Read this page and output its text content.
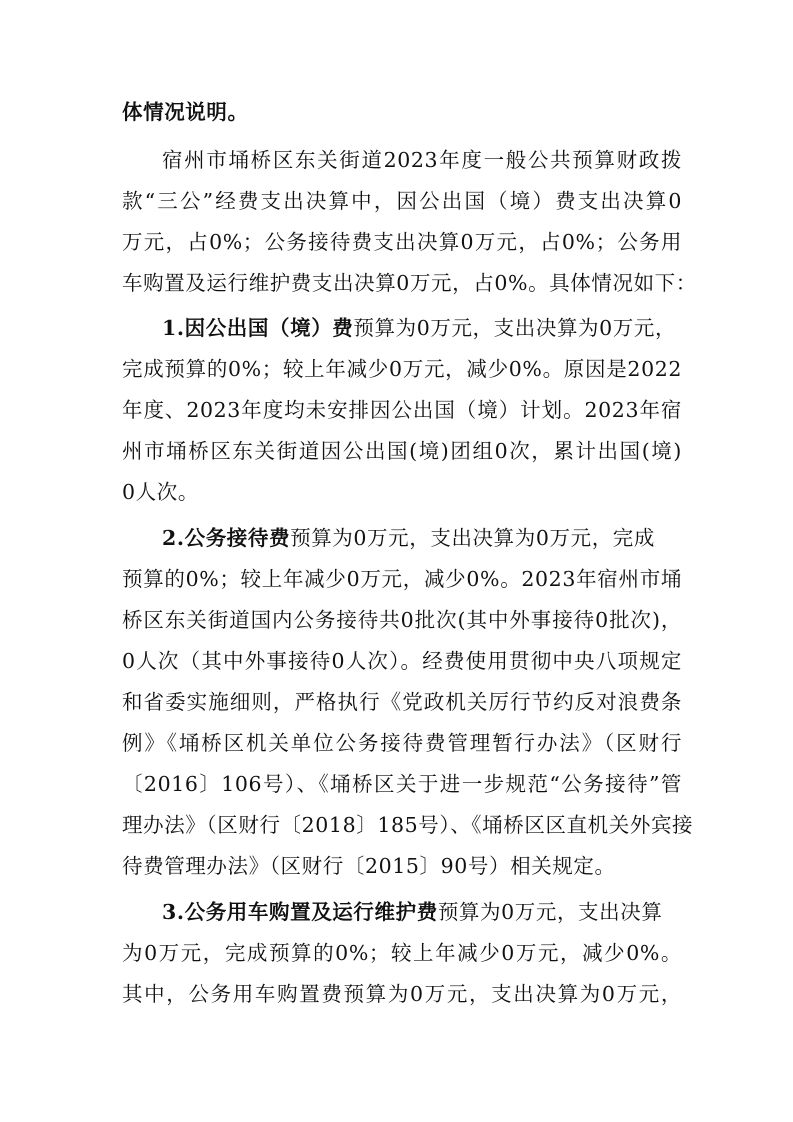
体情况说明。
宿州市埇桥区东关街道2023年度一般公共预算财政拨
款“三公”经费支出决算中，因公出国（境）费支出决算0
万元，占0%；公务接待费支出决算0万元，占0%；公务用
车购置及运行维护费支出决算0万元，占0%。具体情况如下：
1.因公出国（境）费预算为0万元，支出决算为0万元，
完成预算的0%；较上年减少0万元，减少0%。原因是2022
年度、2023年度均未安排因公出国（境）计划。2023年宿
州市埇桥区东关街道因公出国(境)团组0次，累计出国(境)
0人次。
2.公务接待费预算为0万元，支出决算为0万元，完成
预算的0%；较上年减少0万元，减少0%。2023年宿州市埇
桥区东关街道国内公务接待共0批次(其中外事接待0批次)，
0人次（其中外事接待0人次）。经费使用贯彻中央八项规定
和省委实施细则，严格执行《党政机关厉行节约反对浪费条
例》《埇桥区机关单位公务接待费管理暂行办法》（区财行
〔2016〕106号）、《埇桥区关于进一步规范“公务接待”管
理办法》（区财行〔2018〕185号）、《埇桥区区直机关外宾接
待费管理办法》（区财行〔2015〕90号）相关规定。
3.公务用车购置及运行维护费预算为0万元，支出决算
为0万元，完成预算的0%；较上年减少0万元，减少0%。
其中，公务用车购置费预算为0万元，支出决算为0万元，
